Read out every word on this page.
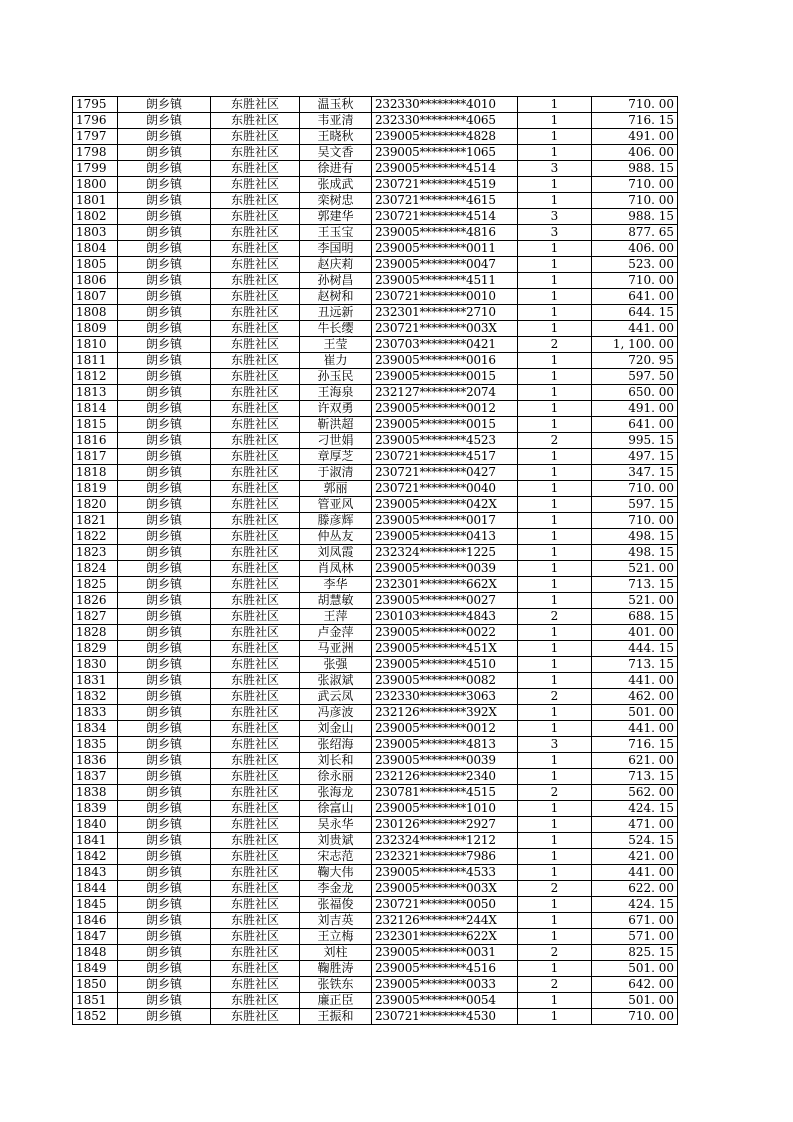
1795	朗乡镇	东胜社区	温玉秋	232330********4010	1	710. 00
1796	朗乡镇	东胜社区	韦亚清	232330********4065	1	716. 15
1797	朗乡镇	东胜社区	王晓秋	239005********4828	1	491. 00
1798	朗乡镇	东胜社区	吴文香	239005********1065	1	406. 00
1799	朗乡镇	东胜社区	徐进有	239005********4514	3	988. 15
1800	朗乡镇	东胜社区	张成武	230721********4519	1	710. 00
1801	朗乡镇	东胜社区	栾树忠	230721********4615	1	710. 00
1802	朗乡镇	东胜社区	郭建华	230721********4514	3	988. 15
1803	朗乡镇	东胜社区	王玉宝	239005********4816	3	877. 65
1804	朗乡镇	东胜社区	李国明	239005********0011	1	406. 00
1805	朗乡镇	东胜社区	赵庆莉	239005********0047	1	523. 00
1806	朗乡镇	东胜社区	孙树昌	239005********4511	1	710. 00
1807	朗乡镇	东胜社区	赵树和	230721********0010	1	641. 00
1808	朗乡镇	东胜社区	丑远新	232301********2710	1	644. 15
1809	朗乡镇	东胜社区	牛长缨	230721********003X	1	441. 00
1810	朗乡镇	东胜社区	王莹	230703********0421	2	1, 100. 00
1811	朗乡镇	东胜社区	崔力	239005********0016	1	720. 95
1812	朗乡镇	东胜社区	孙玉民	239005********0015	1	597. 50
1813	朗乡镇	东胜社区	王海泉	232127********2074	1	650. 00
1814	朗乡镇	东胜社区	许双勇	239005********0012	1	491. 00
1815	朗乡镇	东胜社区	靳洪超	239005********0015	1	641. 00
1816	朗乡镇	东胜社区	刁世娟	239005********4523	2	995. 15
1817	朗乡镇	东胜社区	章厚芝	230721********4517	1	497. 15
1818	朗乡镇	东胜社区	于淑清	230721********0427	1	347. 15
1819	朗乡镇	东胜社区	郭丽	230721********0040	1	710. 00
1820	朗乡镇	东胜社区	管亚风	239005********042X	1	597. 15
1821	朗乡镇	东胜社区	滕彦辉	239005********0017	1	710. 00
1822	朗乡镇	东胜社区	仲丛友	239005********0413	1	498. 15
1823	朗乡镇	东胜社区	刘凤霞	232324********1225	1	498. 15
1824	朗乡镇	东胜社区	肖凤林	239005********0039	1	521. 00
1825	朗乡镇	东胜社区	李华	232301********662X	1	713. 15
1826	朗乡镇	东胜社区	胡慧敏	239005********0027	1	521. 00
1827	朗乡镇	东胜社区	王萍	230103********4843	2	688. 15
1828	朗乡镇	东胜社区	卢金萍	239005********0022	1	401. 00
1829	朗乡镇	东胜社区	马亚洲	239005********451X	1	444. 15
1830	朗乡镇	东胜社区	张强	239005********4510	1	713. 15
1831	朗乡镇	东胜社区	张淑斌	239005********0082	1	441. 00
1832	朗乡镇	东胜社区	武云凤	232330********3063	2	462. 00
1833	朗乡镇	东胜社区	冯彦波	232126********392X	1	501. 00
1834	朗乡镇	东胜社区	刘金山	239005********0012	1	441. 00
1835	朗乡镇	东胜社区	张绍海	239005********4813	3	716. 15
1836	朗乡镇	东胜社区	刘长和	239005********0039	1	621. 00
1837	朗乡镇	东胜社区	徐永丽	232126********2340	1	713. 15
1838	朗乡镇	东胜社区	张海龙	230781********4515	2	562. 00
1839	朗乡镇	东胜社区	徐富山	239005********1010	1	424. 15
1840	朗乡镇	东胜社区	吴永华	230126********2927	1	471. 00
1841	朗乡镇	东胜社区	刘贵斌	232324********1212	1	524. 15
1842	朗乡镇	东胜社区	宋志范	232321********7986	1	421. 00
1843	朗乡镇	东胜社区	鞠大伟	239005********4533	1	441. 00
1844	朗乡镇	东胜社区	李金龙	239005********003X	2	622. 00
1845	朗乡镇	东胜社区	张福俊	230721********0050	1	424. 15
1846	朗乡镇	东胜社区	刘吉英	232126********244X	1	671. 00
1847	朗乡镇	东胜社区	王立梅	232301********622X	1	571. 00
1848	朗乡镇	东胜社区	刘柱	239005********0031	2	825. 15
1849	朗乡镇	东胜社区	鞠胜涛	239005********4516	1	501. 00
1850	朗乡镇	东胜社区	张铁东	239005********0033	2	642. 00
1851	朗乡镇	东胜社区	廉正臣	239005********0054	1	501. 00
1852	朗乡镇	东胜社区	王振和	230721********4530	1	710. 00
